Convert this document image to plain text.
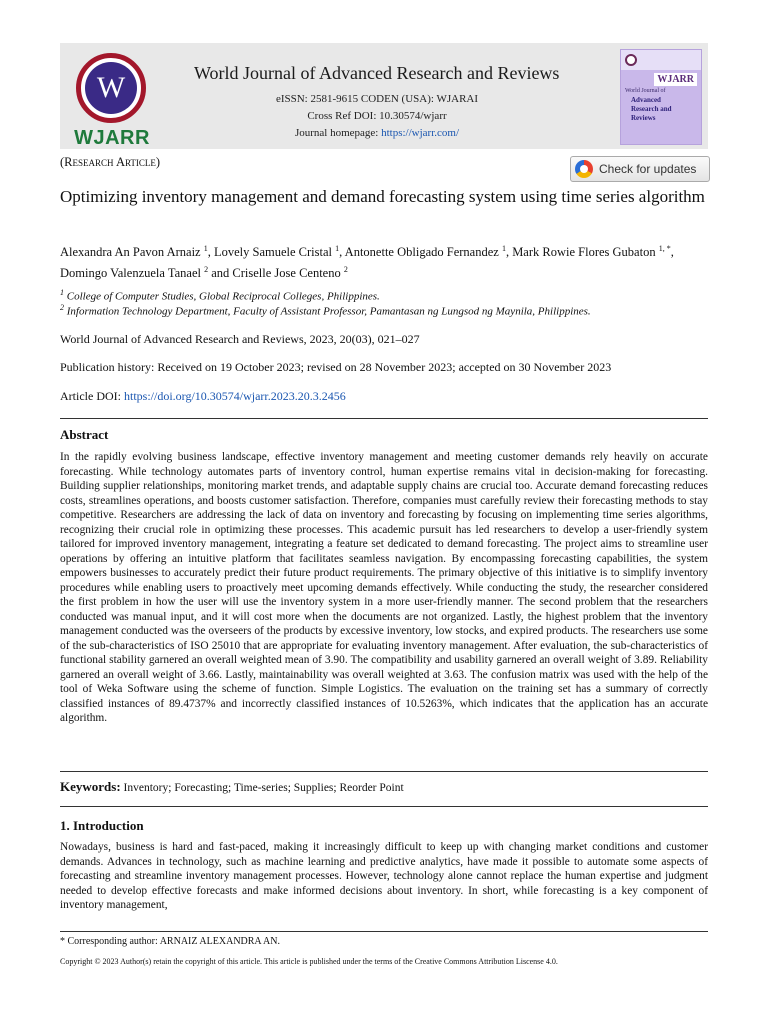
W
WJARR
World Journal of Advanced Research and Reviews
eISSN: 2581-9615 CODEN (USA): WJARAI
Cross Ref DOI: 10.30574/wjarr
Journal homepage: https://wjarr.com/
WJARR
World Journal of
Advanced
Research and
Reviews
(Research Article)	Check for updates
Optimizing inventory management and demand forecasting system using time series algorithm
Alexandra An Pavon Arnaiz $^1$, Lovely Samuele Cristal $^1$, Antonette Obligado Fernandez $^1$, Mark Rowie Flores Gubaton $^{1, *}$, Domingo Valenzuela Tanael $^2$ and Criselle Jose Centeno $^2$
$^1$ College of Computer Studies, Global Reciprocal Colleges, Philippines.
$^2$ Information Technology Department, Faculty of Assistant Professor, Pamantasan ng Lungsod ng Maynila, Philippines.
World Journal of Advanced Research and Reviews, 2023, 20(03), 021–027
Publication history: Received on 19 October 2023; revised on 28 November 2023; accepted on 30 November 2023
Article DOI: https://doi.org/10.30574/wjarr.2023.20.3.2456
Abstract
In the rapidly evolving business landscape, effective inventory management and meeting customer demands rely heavily on accurate forecasting. While technology automates parts of inventory control, human expertise remains vital in decision-making for forecasting. Building supplier relationships, monitoring market trends, and adaptable supply chains are crucial too. Accurate demand forecasting reduces costs, streamlines operations, and boosts customer satisfaction. Therefore, companies must carefully review their forecasting methods to stay competitive. Researchers are addressing the lack of data on inventory and forecasting by focusing on implementing time series algorithms, recognizing their crucial role in optimizing these processes. This academic pursuit has led researchers to develop a user-friendly system tailored for improved inventory management, integrating a feature set dedicated to demand forecasting. The project aims to streamline user operations by offering an intuitive platform that facilitates seamless navigation. By encompassing forecasting capabilities, the system empowers businesses to accurately predict their future product requirements. The primary objective of this initiative is to simplify inventory procedures while enabling users to proactively meet upcoming demands effectively. While conducting the study, the researcher considered the first problem in how the user will use the inventory system in a more user-friendly manner. The second problem that the researchers conducted was manual input, and it will cost more when the documents are not organized. Lastly, the highest problem that the inventory management conducted was the overseers of the products by excessive inventory, low stocks, and expired products. The researchers use some of the sub-characteristics of ISO 25010 that are appropriate for evaluating inventory management. After evaluation, the sub-characteristics of functional stability garnered an overall weighted mean of 3.90. The compatibility and usability garnered an overall weight of 3.89. Reliability garnered an overall weight of 3.66. Lastly, maintainability was overall weighted at 3.63. The confusion matrix was used with the help of the tool of Weka Software using the scheme of function. Simple Logistics. The evaluation on the training set has a summary of correctly classified instances of 89.4737% and incorrectly classified instances of 10.5263%, which indicates that the application has an accurate algorithm.
Keywords: Inventory; Forecasting; Time-series; Supplies; Reorder Point
1. Introduction
Nowadays, business is hard and fast-paced, making it increasingly difficult to keep up with changing market conditions and customer demands. Advances in technology, such as machine learning and predictive analytics, have made it possible to automate some aspects of forecasting and streamline inventory management processes. However, technology alone cannot replace the human expertise and judgment needed to develop effective forecasts and make informed decisions about inventory. In short, while forecasting is a key component of inventory management,
* Corresponding author: ARNAIZ ALEXANDRA AN.
Copyright © 2023 Author(s) retain the copyright of this article. This article is published under the terms of the Creative Commons Attribution Liscense 4.0.
